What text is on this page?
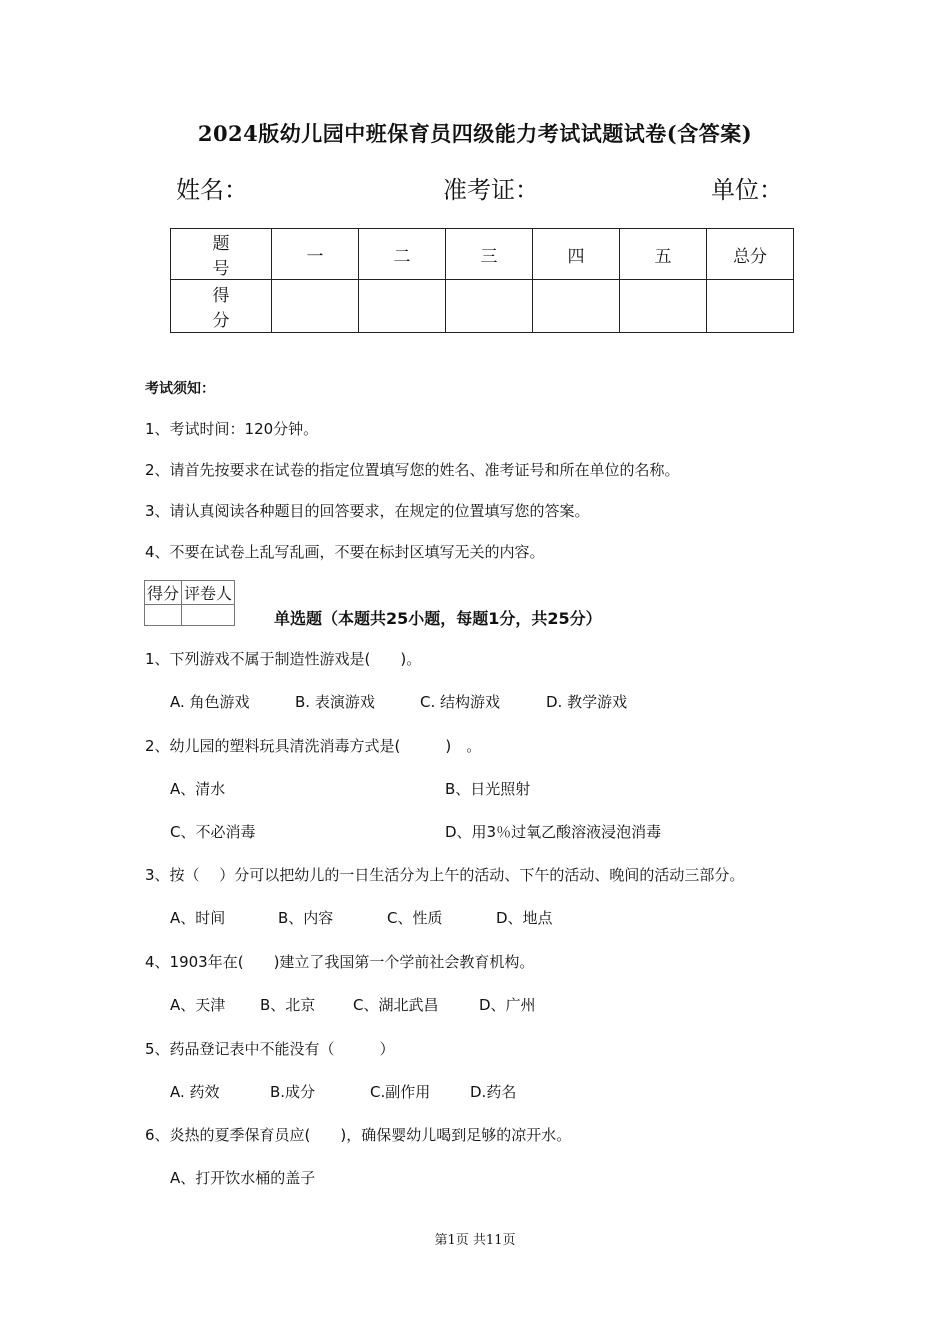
2024版幼儿园中班保育员四级能力考试试题试卷(含答案)
姓名：	准考证：	单位：
题　号	一	二	三	四	五	总分
得　分						
考试须知：
1、考试时间：120分钟。
2、请首先按要求在试卷的指定位置填写您的姓名、准考证号和所在单位的名称。
3、请认真阅读各种题目的回答要求，在规定的位置填写您的答案。
4、不要在试卷上乱写乱画，不要在标封区填写无关的内容。
得分	评卷人

单选题（本题共25小题，每题1分，共25分）
1、下列游戏不属于制造性游戏是(　　)。
A. 角色游戏	B. 表演游戏	C. 结构游戏	D. 教学游戏
2、幼儿园的塑料玩具清洗消毒方式是(　　　)　。
A、清水	B、日光照射
C、不必消毒	D、用3％过氧乙酸溶液浸泡消毒
3、按（　 ）分可以把幼儿的一日生活分为上午的活动、下午的活动、晚间的活动三部分。
A、时间	B、内容	C、性质	D、地点
4、1903年在(　　)建立了我国第一个学前社会教育机构。
A、天津 B、北京	C、湖北武昌	D、广州
5、药品登记表中不能没有（　　　）
A. 药效	B.成分	C.副作用	D.药名
6、炎热的夏季保育员应(　　)，确保婴幼儿喝到足够的凉开水。
A、打开饮水桶的盖子
第1页 共11页
